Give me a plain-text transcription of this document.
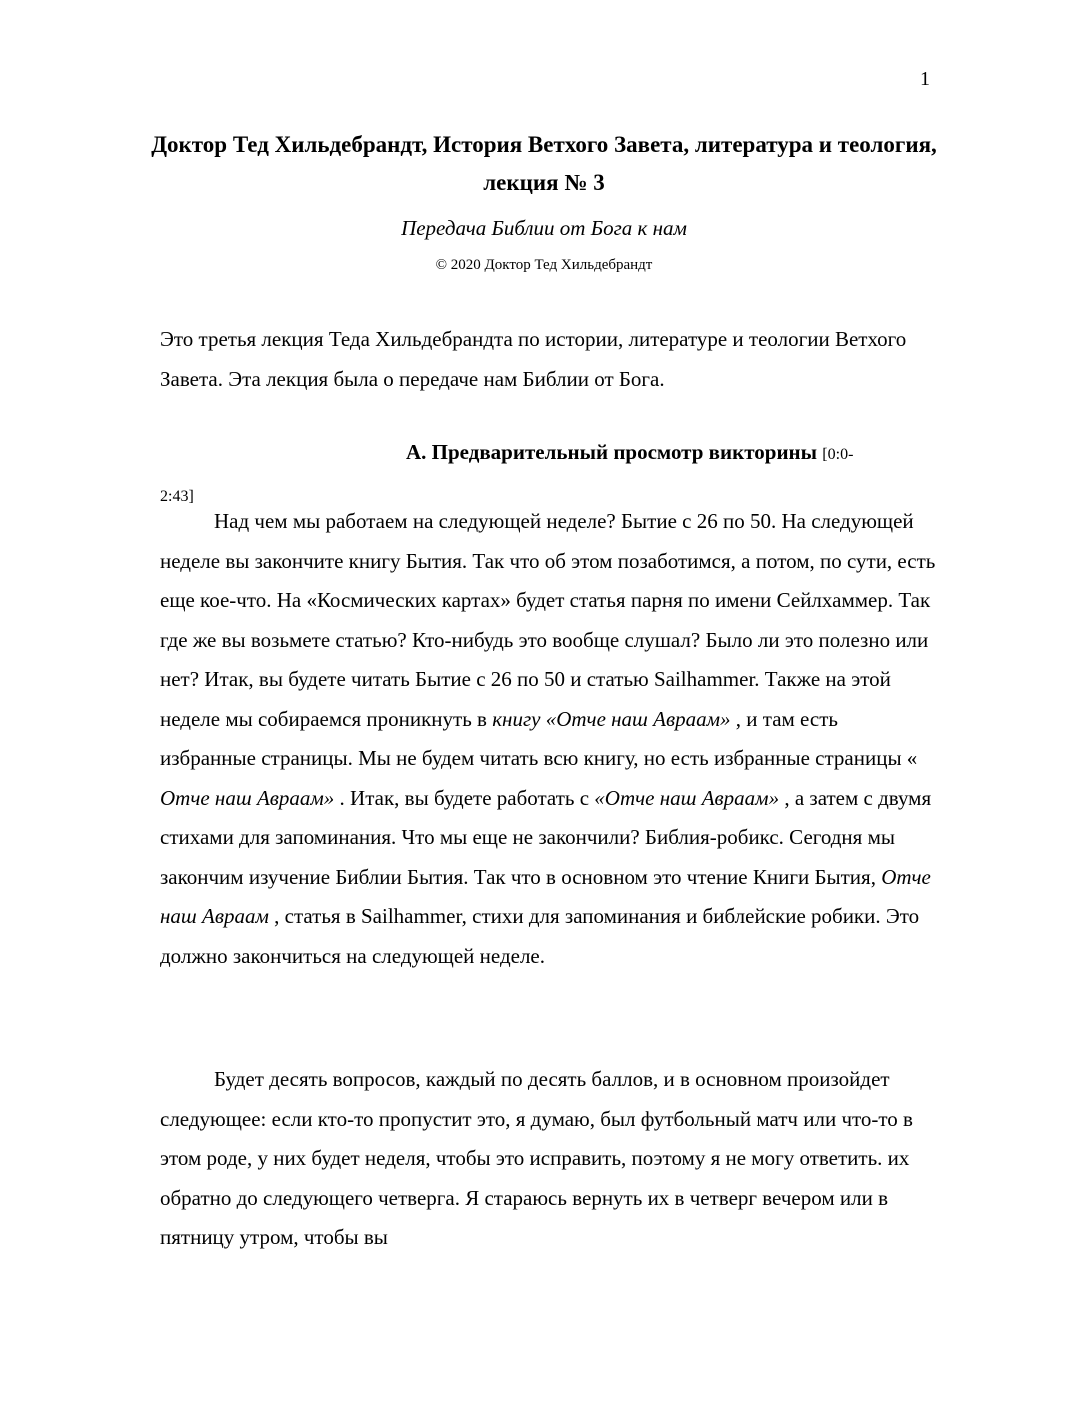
1
Доктор Тед Хильдебрандт, История Ветхого Завета, литература и теология, лекция № 3
Передача Библии от Бога к нам
© 2020 Доктор Тед Хильдебрандт

Это третья лекция Теда Хильдебрандта по истории, литературе и теологии Ветхого Завета. Эта лекция была о передаче нам Библии от Бога.

A. Предварительный просмотр викторины [0:0-
2:43]

Над чем мы работаем на следующей неделе? Бытие с 26 по 50. На следующей неделе вы закончите книгу Бытия. Так что об этом позаботимся, а потом, по сути, есть еще кое-что. На «Космических картах» будет статья парня по имени Сейлхаммер. Так где же вы возьмете статью? Кто-нибудь это вообще слушал? Было ли это полезно или нет? Итак, вы будете читать Бытие с 26 по 50 и статью Sailhammer. Также на этой неделе мы собираемся проникнуть в книгу «Отче наш Авраам» , и там есть избранные страницы. Мы не будем читать всю книгу, но есть избранные страницы « Отче наш Авраам» . Итак, вы будете работать с «Отче наш Авраам» , а затем с двумя стихами для запоминания. Что мы еще не закончили? Библия-робикс. Сегодня мы закончим изучение Библии Бытия. Так что в основном это чтение Книги Бытия, Отче наш Авраам , статья в Sailhammer, стихи для запоминания и библейские робики. Это должно закончиться на следующей неделе.

Будет десять вопросов, каждый по десять баллов, и в основном произойдет следующее: если кто-то пропустит это, я думаю, был футбольный матч или что-то в этом роде, у них будет неделя, чтобы это исправить, поэтому я не могу ответить. их обратно до следующего четверга. Я стараюсь вернуть их в четверг вечером или в пятницу утром, чтобы вы
